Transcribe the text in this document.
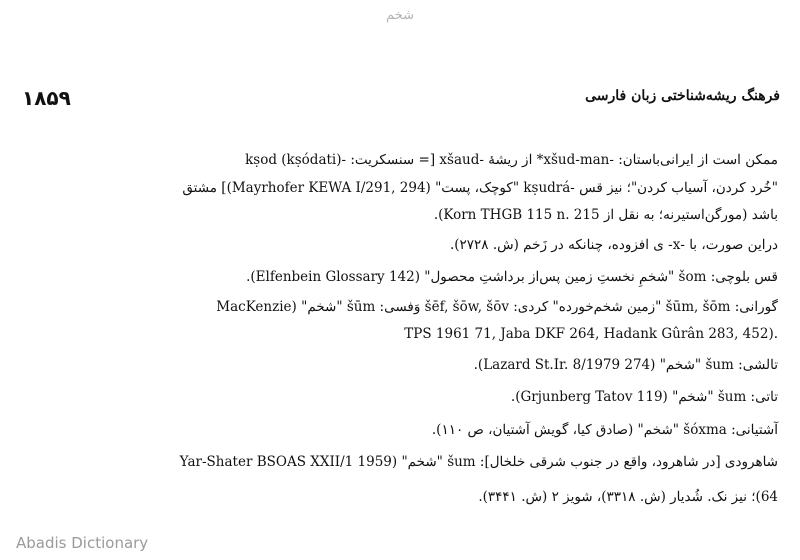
شخم
۱۸۵۹	فرهنگ ریشه‌شناختی زبان فارسی
ممکن است از ایرانی‌باستان: -xšud-man* از ریشهٔ -xšaud [= سنسکریت: -kṣod (kṣódati)
"خُرد کردن، آسیاب کردن"؛ نیز قس -kṣudrá "کوچک، پست" (Mayrhofer KEWA I/291, 294)] مشتق
باشد (مورگن‌استیرنه؛ به نقل از Korn THGB 115 n. 215).
دراین صورت، با -x- ی افزوده، چنانکه در زَخم (ش. ۲۷۲۸).
قس بلوچی: šom "شخمِ نخستِ زمین پس‌از برداشتِ محصول" (Elfenbein Glossary 142).
گورانی: šūm, šōm "زمین شخم‌خورده" کردی: šēf, šōw, šōv وَفسی: šūm "شخم" (MacKenzie
TPS 1961 71, Jaba DKF 264, Hadank Gûrân 283, 452).
تالشی: šum "شخم" (Lazard St.Ir. 8/1979 274).
تاتی: šum "شخم" (Grjunberg Tatov 119).
آشتیانی: šóxma "شخم" (صادق کیا، گویش آشتیان، ص ۱۱۰).
شاهرودی [در شاهرود، واقع در جنوب شرقی خلخال]: šum "شخم" (Yar-Shater BSOAS XXII/1 1959
64)؛ نیز نک. شُدیار (ش. ۳۳۱۸)، شویز ۲ (ش. ۳۴۴۱).
Abadis Dictionary
